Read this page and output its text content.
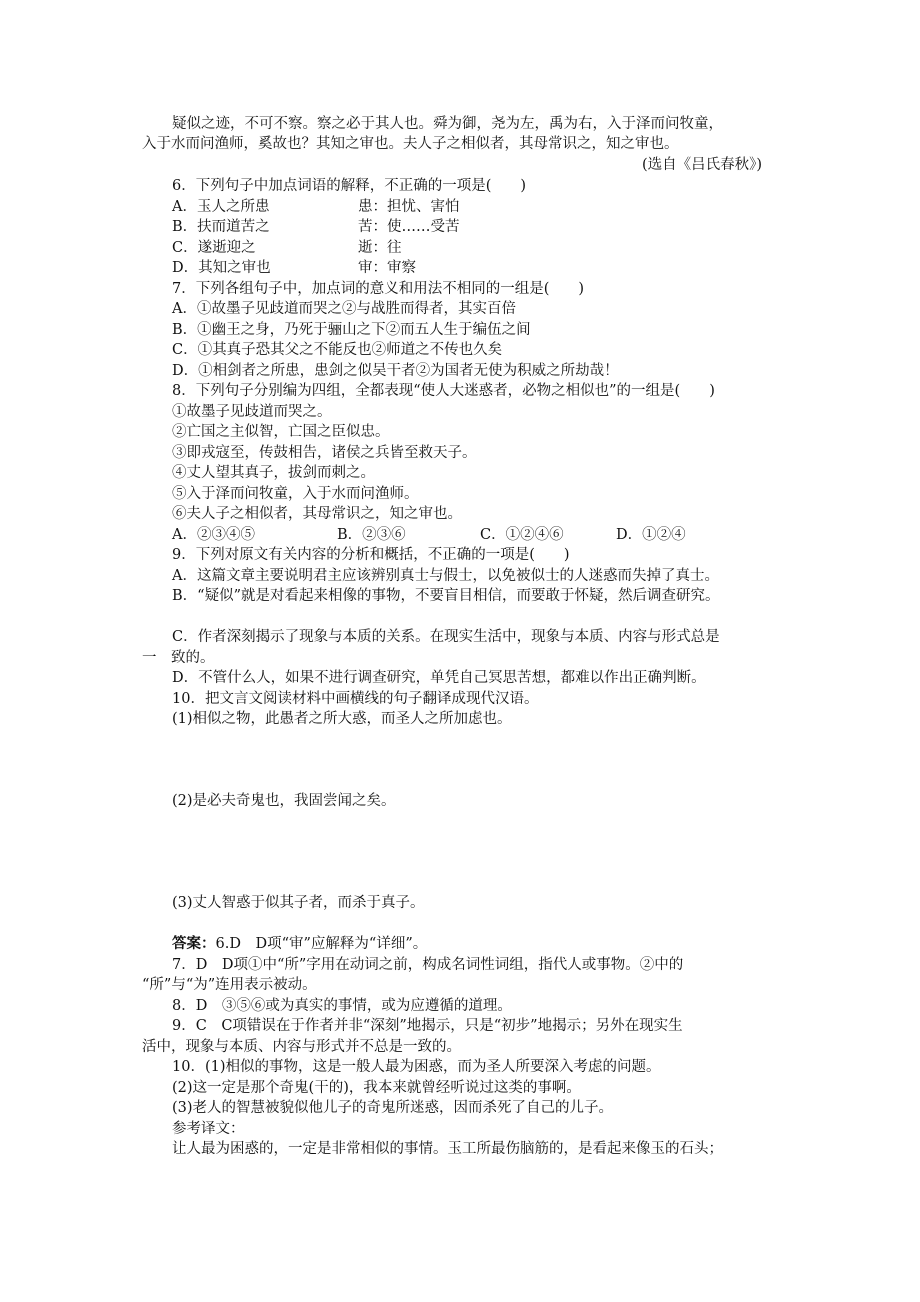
疑似之迹，不可不察。察之必于其人也。舜为御，尧为左，禹为右，入于泽而问牧童，
入于水而问渔师，奚故也？其知之审也。夫人子之相似者，其母常识之，知之审也。
(选自《吕氏春秋》)
6．下列句子中加点词语的解释，不正确的一项是(　　)
A．玉人之所患	患：担忧、害怕
B．扶而道苦之	苦：使……受苦
C．遂逝迎之	逝：往
D．其知之审也	审：审察
7．下列各组句子中，加点词的意义和用法不相同的一组是(　　)
A．①故墨子见歧道而哭之②与战胜而得者，其实百倍
B．①幽王之身，乃死于骊山之下②而五人生于编伍之间
C．①其真子恐其父之不能反也②师道之不传也久矣
D．①相剑者之所患，患剑之似吴干者②为国者无使为积威之所劫哉！
8．下列句子分别编为四组，全都表现“使人大迷惑者，必物之相似也”的一组是(　　)
①故墨子见歧道而哭之。
②亡国之主似智，亡国之臣似忠。
③即戎寇至，传鼓相告，诸侯之兵皆至救天子。
④丈人望其真子，拔剑而刺之。
⑤入于泽而问牧童，入于水而问渔师。
⑥夫人子之相似者，其母常识之，知之审也。
A．②③④⑤	B．②③⑥	C．①②④⑥	D．①②④
9．下列对原文有关内容的分析和概括，不正确的一项是(　　)
A．这篇文章主要说明君主应该辨别真士与假士，以免被似士的人迷惑而失掉了真士。
B．“疑似”就是对看起来相像的事物，不要盲目相信，而要敢于怀疑，然后调查研究。
C．作者深刻揭示了现象与本质的关系。在现实生活中，现象与本质、内容与形式总是
一　致的。
D．不管什么人，如果不进行调查研究，单凭自己冥思苦想，都难以作出正确判断。
10．把文言文阅读材料中画横线的句子翻译成现代汉语。
(1)相似之物，此愚者之所大惑，而圣人之所加虑也。
(2)是必夫奇鬼也，我固尝闻之矣。
(3)丈人智惑于似其子者，而杀于真子。
答案：6.D　D项“审”应解释为“详细”。
7．D　D项①中“所”字用在动词之前，构成名词性词组，指代人或事物。②中的
“所”与“为”连用表示被动。
8．D　③⑤⑥或为真实的事情，或为应遵循的道理。
9．C　C项错误在于作者并非“深刻”地揭示，只是“初步”地揭示；另外在现实生
活中，现象与本质、内容与形式并不总是一致的。
10．(1)相似的事物，这是一般人最为困惑，而为圣人所要深入考虑的问题。
(2)这一定是那个奇鬼(干的)，我本来就曾经听说过这类的事啊。
(3)老人的智慧被貌似他儿子的奇鬼所迷惑，因而杀死了自己的儿子。
参考译文：
让人最为困惑的，一定是非常相似的事情。玉工所最伤脑筋的，是看起来像玉的石头；
